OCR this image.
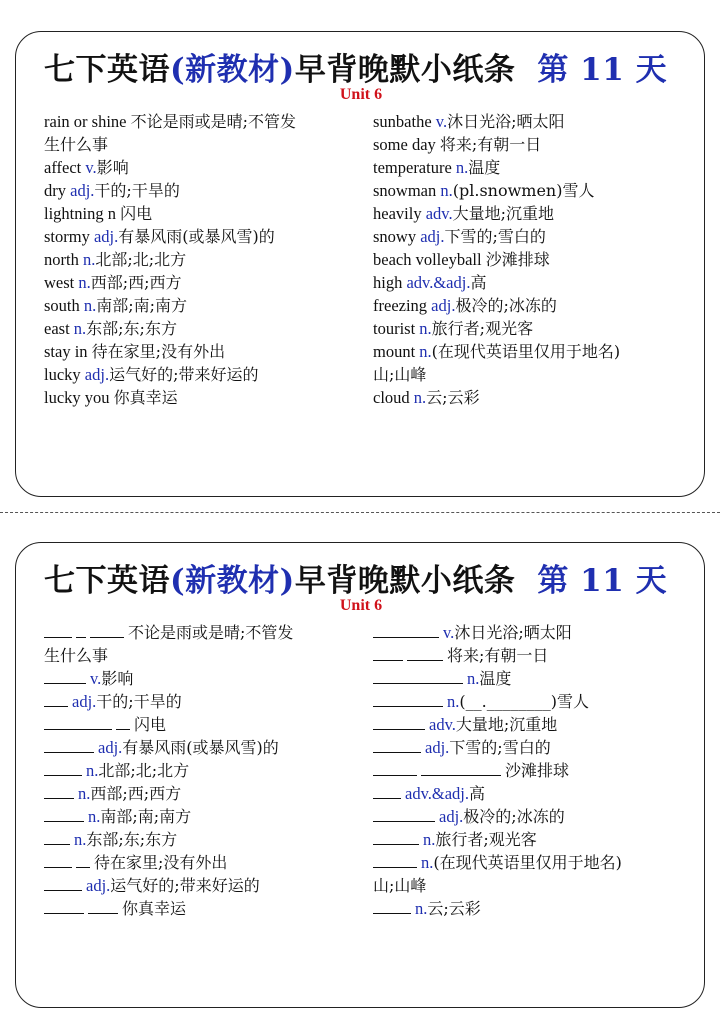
七下英语(新教材)早背晚默小纸条 第 11 天
Unit 6
rain or shine 不论是雨或是晴;不管发
生什么事
affect v.影响
dry adj.干的;干旱的
lightning n 闪电
stormy adj.有暴风雨(或暴风雪)的
north n.北部;北;北方
west n.西部;西;西方
south n.南部;南;南方
east n.东部;东;东方
stay in 待在家里;没有外出
lucky adj.运气好的;带来好运的
lucky you 你真幸运
sunbathe v.沐日光浴;晒太阳
some day 将来;有朝一日
temperature n.温度
snowman n.(pl.snowmen)雪人
heavily adv.大量地;沉重地
snowy adj.下雪的;雪白的
beach volleyball 沙滩排球
high adv.&adj.高
freezing adj.极冷的;冰冻的
tourist n.旅行者;观光客
mount n.(在现代英语里仅用于地名)
山;山峰
cloud n.云;云彩
七下英语(新教材)早背晚默小纸条 第 11 天
Unit 6
不论是雨或是晴;不管发
生什么事
v.影响
adj.干的;干旱的
闪电
adj.有暴风雨(或暴风雪)的
n.北部;北;北方
n.西部;西;西方
n.南部;南;南方
n.东部;东;东方
待在家里;没有外出
adj.运气好的;带来好运的
你真幸运
v.沐日光浴;晒太阳
将来;有朝一日
n.温度
n.(__.________)雪人
adv.大量地;沉重地
adj.下雪的;雪白的
沙滩排球
adv.&adj.高
adj.极冷的;冰冻的
n.旅行者;观光客
n.(在现代英语里仅用于地名)
山;山峰
n.云;云彩
